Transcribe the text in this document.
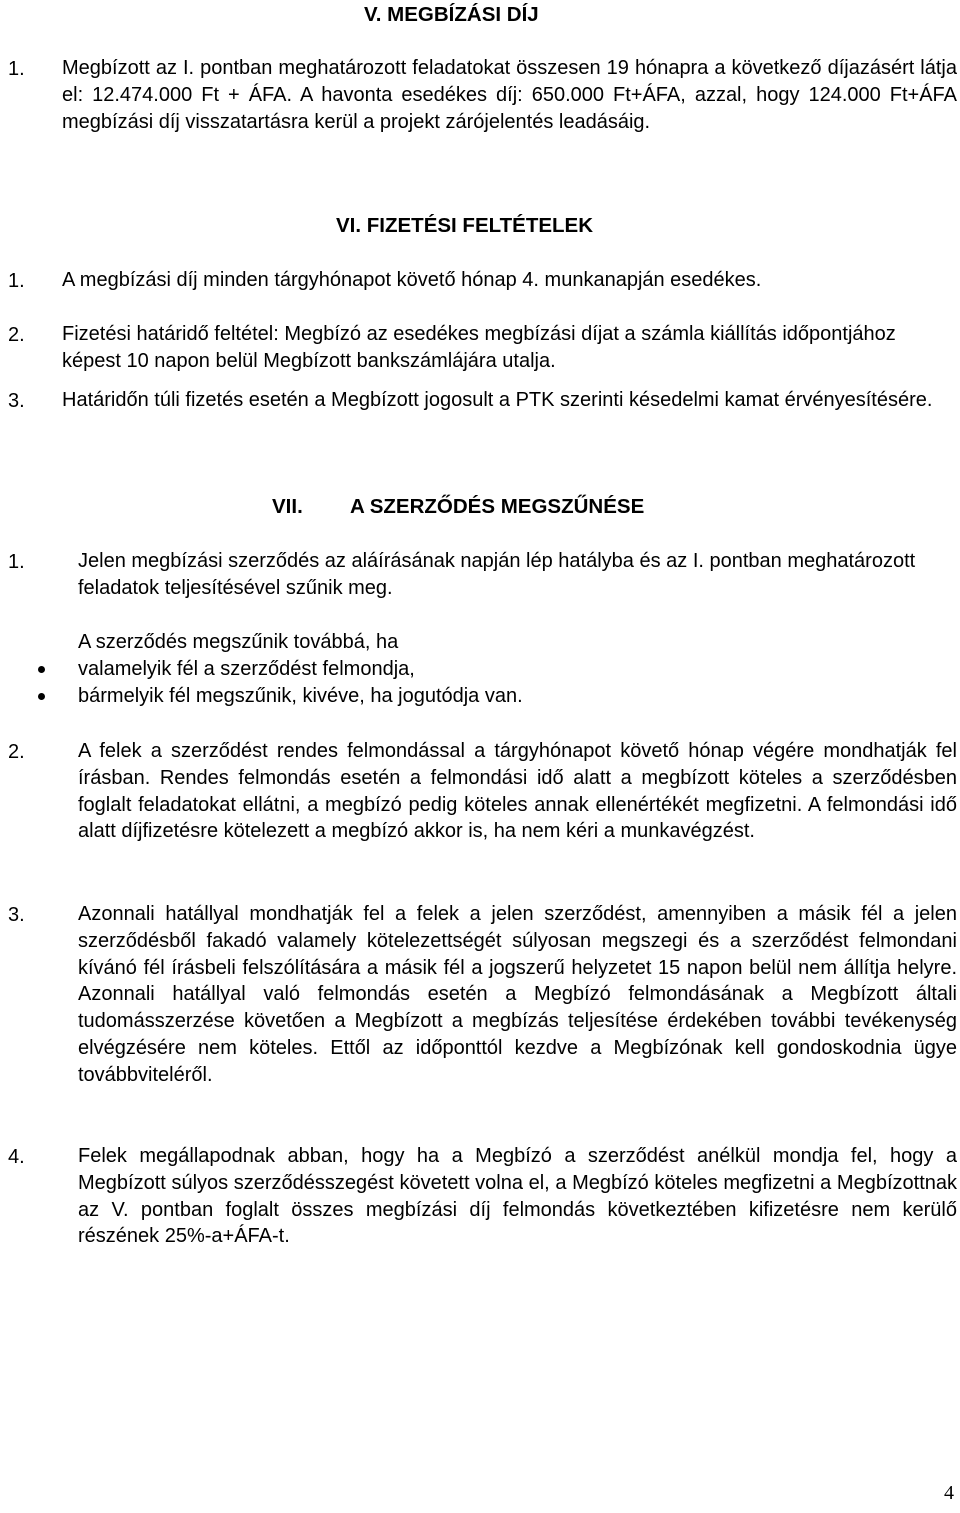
V. MEGBÍZÁSI DÍJ
1. Megbízott az I. pontban meghatározott feladatokat összesen 19 hónapra a következő díjazásért látja el: 12.474.000 Ft + ÁFA. A havonta esedékes díj: 650.000 Ft+ÁFA, azzal, hogy 124.000 Ft+ÁFA megbízási díj visszatartásra kerül a projekt zárójelentés leadásáig.
VI. FIZETÉSI FELTÉTELEK
1. A megbízási díj minden tárgyhónapot követő hónap 4. munkanapján esedékes.
2. Fizetési határidő feltétel: Megbízó az esedékes megbízási díjat a számla kiállítás időpontjához képest 10 napon belül Megbízott bankszámlájára utalja.
3. Határidőn túli fizetés esetén a Megbízott jogosult a PTK szerinti késedelmi kamat érvényesítésére.
VII. A SZERZŐDÉS MEGSZŰNÉSE
1.	Jelen megbízási szerződés az aláírásának napján lép hatályba és az I. pontban meghatározott feladatok teljesítésével szűnik meg.
A szerződés megszűnik továbbá, ha
valamelyik fél a szerződést felmondja,
bármelyik fél megszűnik, kivéve, ha jogutódja van.
2.	A felek a szerződést rendes felmondással a tárgyhónapot követő hónap végére mondhatják fel írásban. Rendes felmondás esetén a felmondási idő alatt a megbízott köteles a szerződésben foglalt feladatokat ellátni, a megbízó pedig köteles annak ellenértékét megfizetni. A felmondási idő alatt díjfizetésre kötelezett a megbízó akkor is, ha nem kéri a munkavégzést.
3.	Azonnali hatállyal mondhatják fel a felek a jelen szerződést, amennyiben a másik fél a jelen szerződésből fakadó valamely kötelezettségét súlyosan megszegi és a szerződést felmondani kívánó fél írásbeli felszólítására a másik fél a jogszerű helyzetet 15 napon belül nem állítja helyre. Azonnali hatállyal való felmondás esetén a Megbízó felmondásának a Megbízott általi tudomásszerzése követően a Megbízott a megbízás teljesítése érdekében további tevékenység elvégzésére nem köteles. Ettől az időponttól kezdve a Megbízónak kell gondoskodnia ügye továbbviteléről.
4.	Felek megállapodnak abban, hogy ha a Megbízó a szerződést anélkül mondja fel, hogy a Megbízott súlyos szerződésszegést követett volna el, a Megbízó köteles megfizetni a Megbízottnak az V. pontban foglalt összes megbízási díj felmondás következtében kifizetésre nem kerülő részének 25%-a+ÁFA-t.
4
